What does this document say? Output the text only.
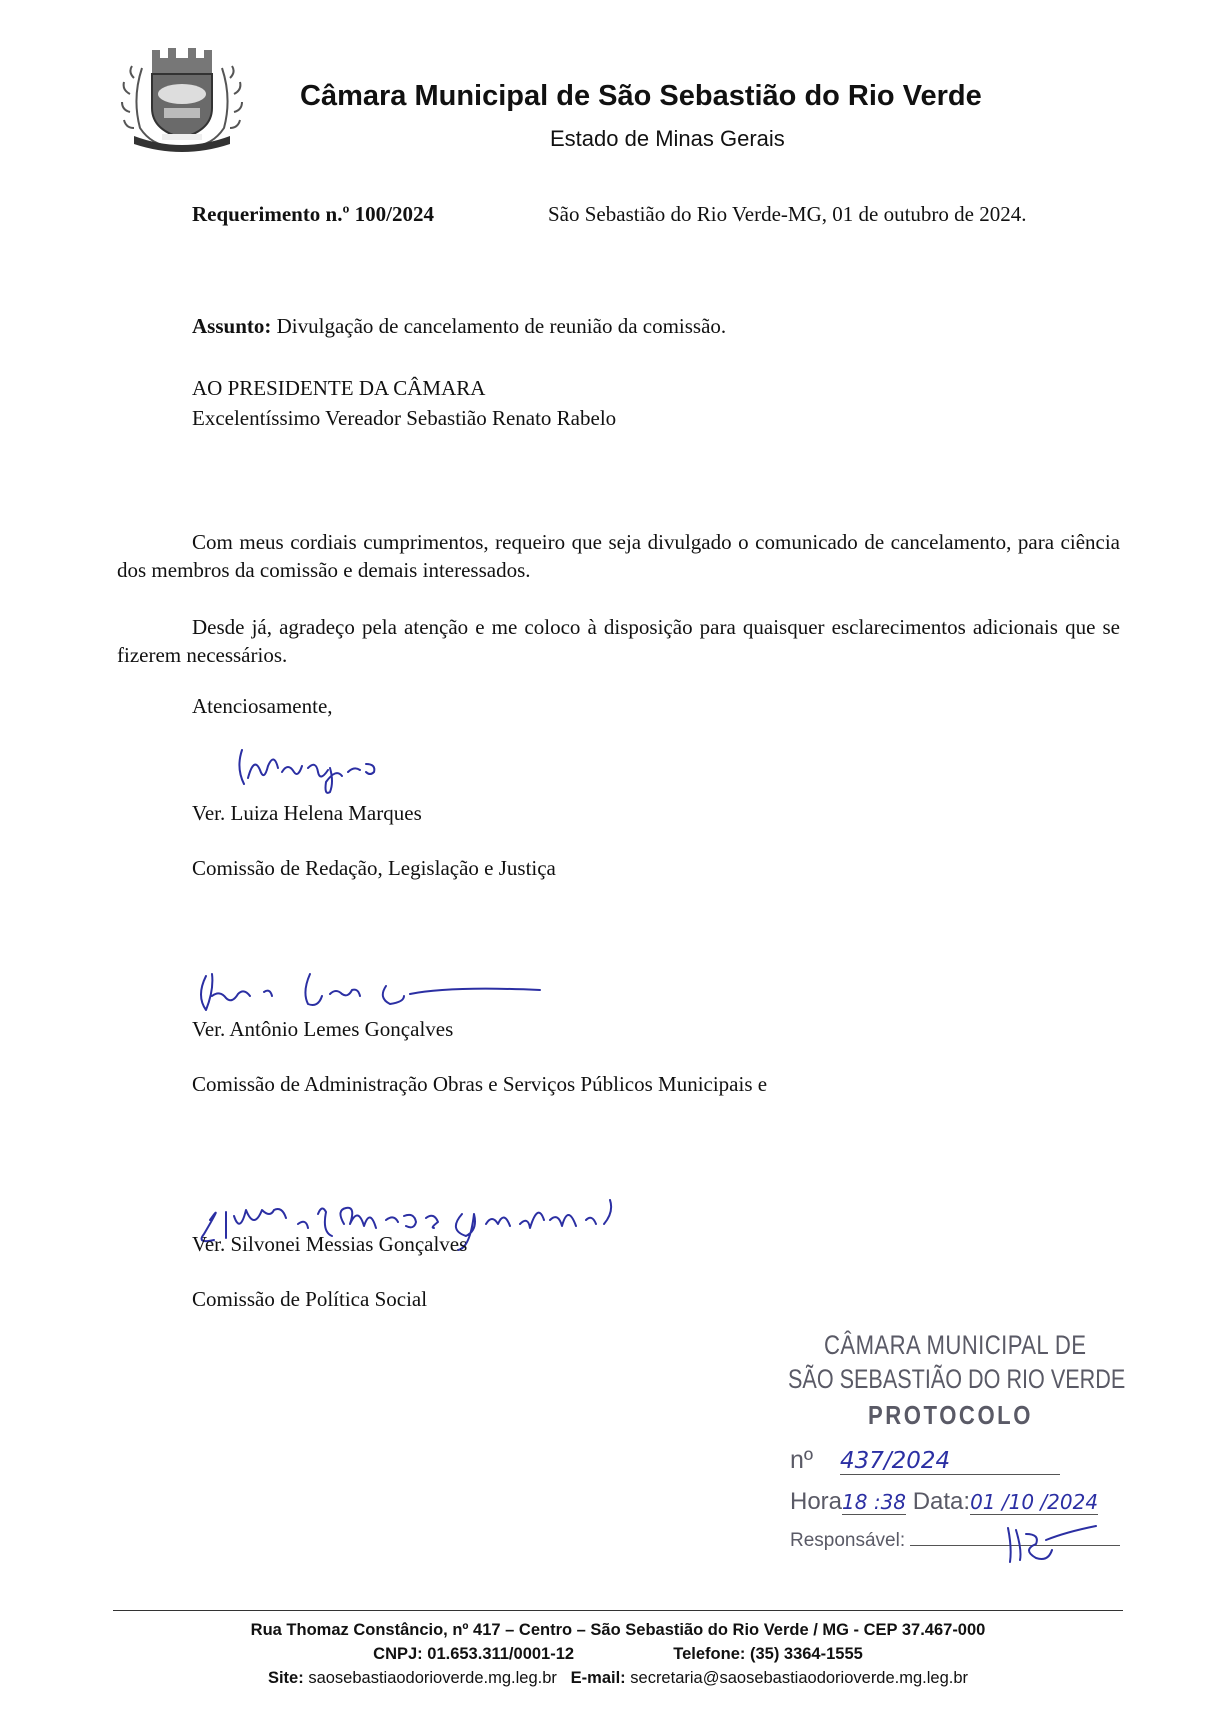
Câmara Municipal de São Sebastião do Rio Verde
Estado de Minas Gerais
Requerimento n.º 100/2024	São Sebastião do Rio Verde-MG, 01 de outubro de 2024.
Assunto: Divulgação de cancelamento de reunião da comissão.
AO PRESIDENTE DA CÂMARA
Excelentíssimo Vereador Sebastião Renato Rabelo
Com meus cordiais cumprimentos, requeiro que seja divulgado o comunicado de cancelamento, para ciência dos membros da comissão e demais interessados.
Desde já, agradeço pela atenção e me coloco à disposição para quaisquer esclarecimentos adicionais que se fizerem necessários.
Atenciosamente,
Ver. Luiza Helena Marques
Comissão de Redação, Legislação e Justiça
Ver. Antônio Lemes Gonçalves
Comissão de Administração Obras e Serviços Públicos Municipais e
Ver. Silvonei Messias Gonçalves
Comissão de Política Social
CÂMARA MUNICIPAL DE
SÃO SEBASTIÃO DO RIO VERDE
PROTOCOLO
nº 437/2024
Hora18 :38 Data:01 /10 /2024
Responsável:
Rua Thomaz Constâncio, nº 417 – Centro – São Sebastião do Rio Verde / MG - CEP 37.467-000
CNPJ: 01.653.311/0001-12	Telefone: (35) 3364-1555
Site: saosebastiaodorioverde.mg.leg.br E-mail: secretaria@saosebastiaodorioverde.mg.leg.br
